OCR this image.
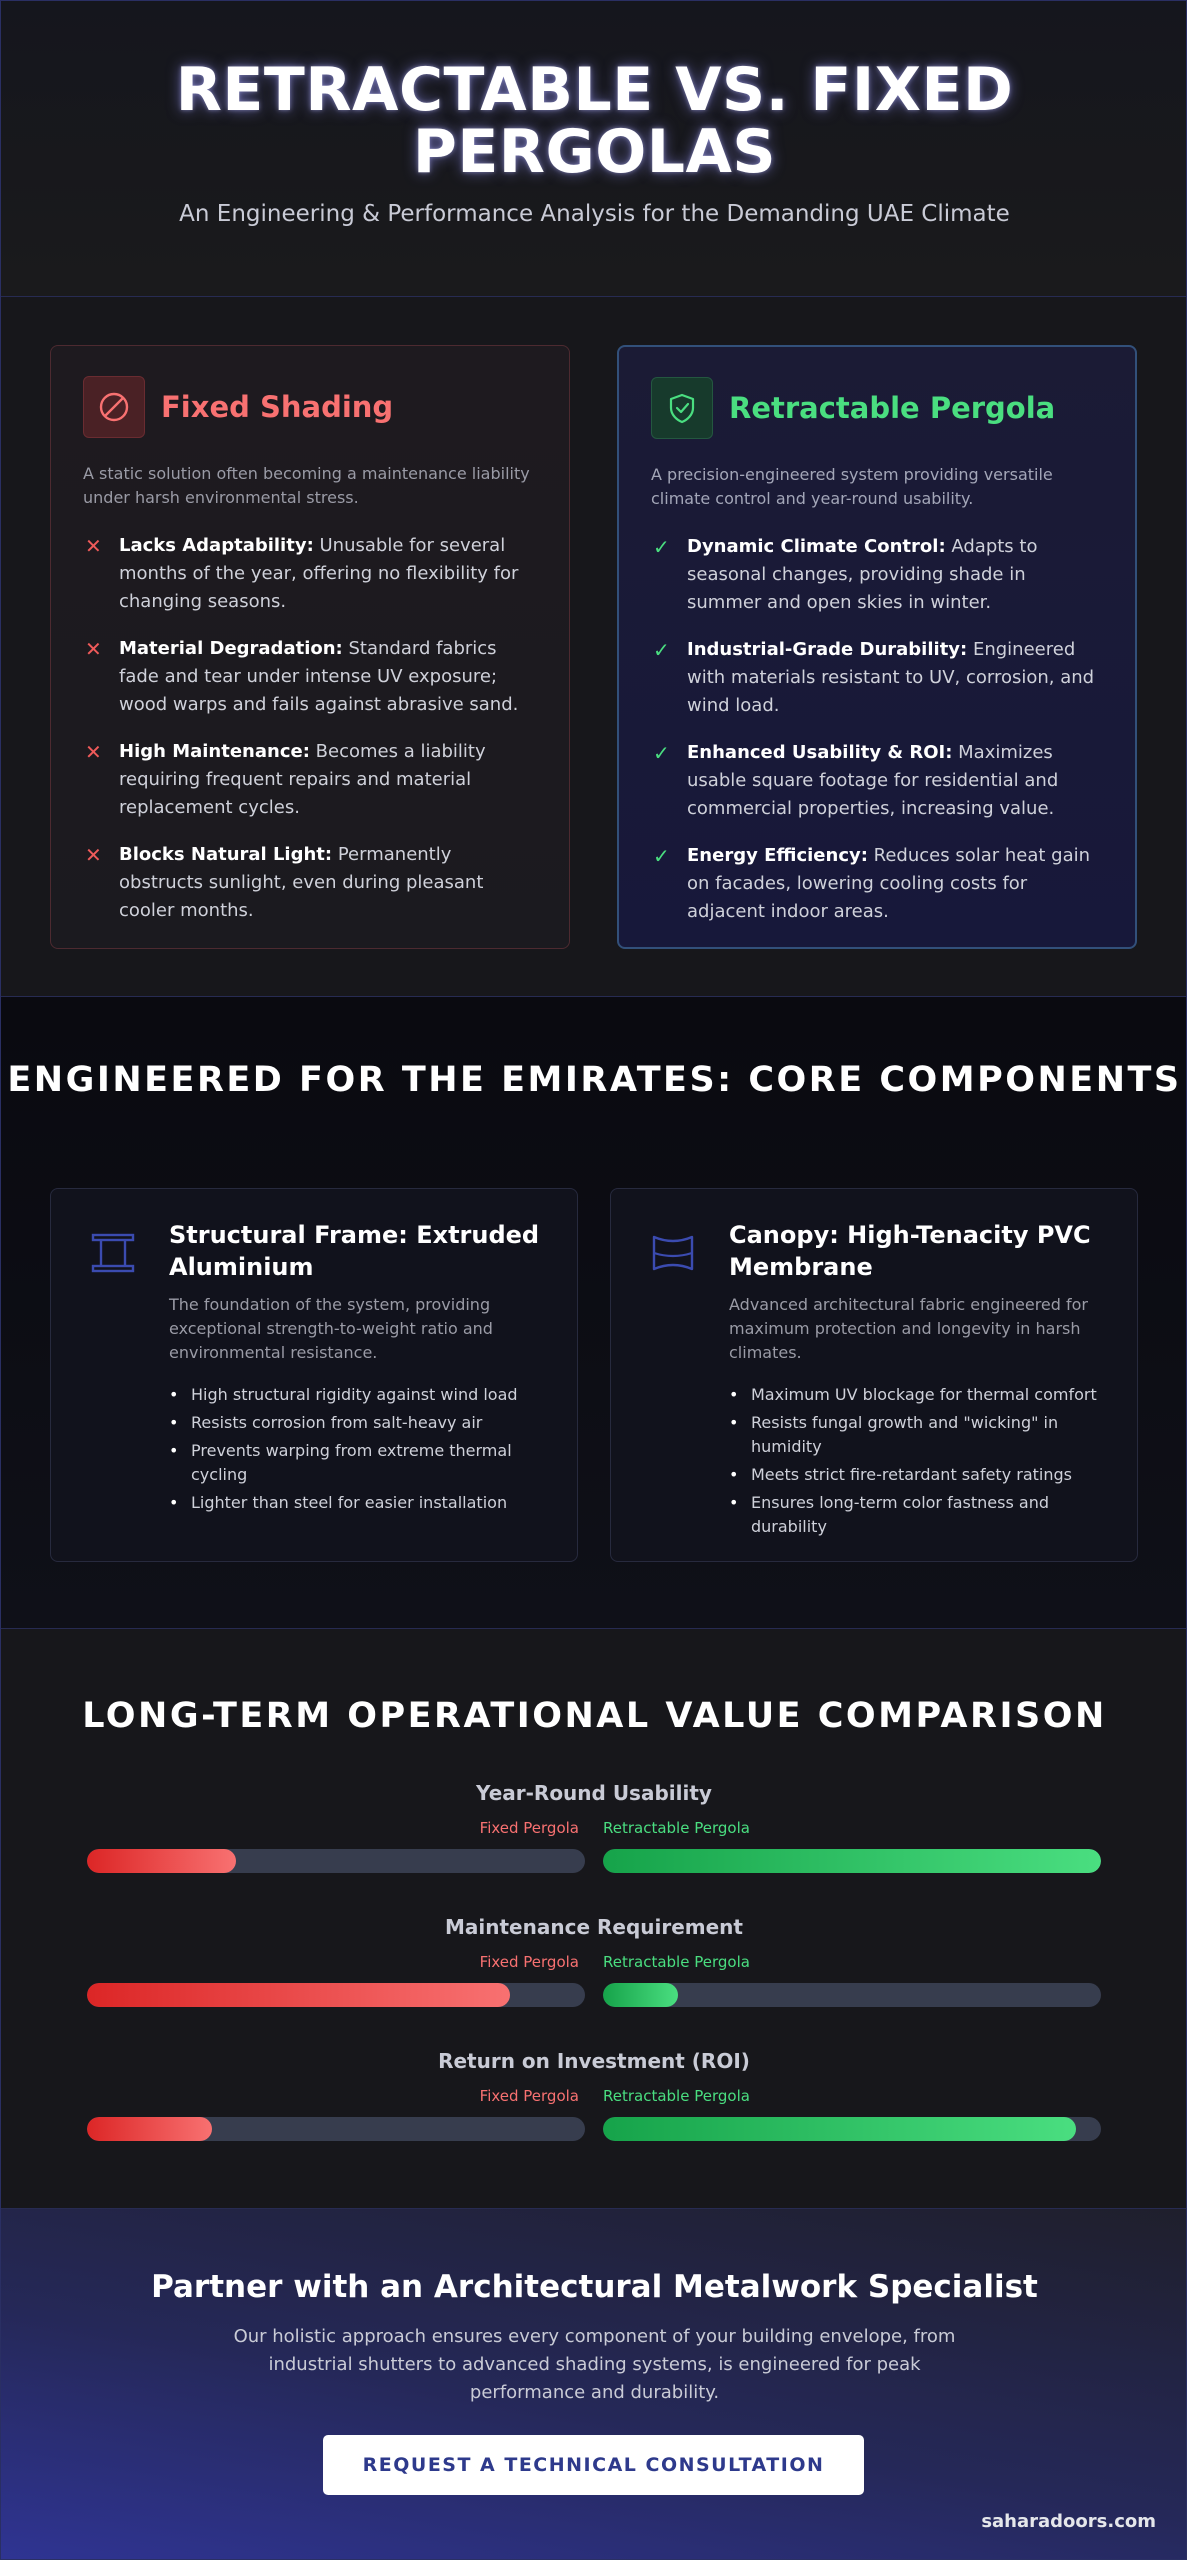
RETRACTABLE VS. FIXED PERGOLAS

An Engineering & Performance Analysis for the Demanding UAE Climate

Fixed Shading
A static solution often becoming a maintenance liability under harsh environmental stress.
✕ Lacks Adaptability: Unusable for several months of the year, offering no flexibility for changing seasons.
✕ Material Degradation: Standard fabrics fade and tear under intense UV exposure; wood warps and fails against abrasive sand.
✕ High Maintenance: Becomes a liability requiring frequent repairs and material replacement cycles.
✕ Blocks Natural Light: Permanently obstructs sunlight, even during pleasant cooler months.
Retractable Pergola
A precision-engineered system providing versatile climate control and year-round usability.
✓ Dynamic Climate Control: Adapts to seasonal changes, providing shade in summer and open skies in winter.
✓ Industrial-Grade Durability: Engineered with materials resistant to UV, corrosion, and wind load.
✓ Enhanced Usability & ROI: Maximizes usable square footage for residential and commercial properties, increasing value.
✓ Energy Efficiency: Reduces solar heat gain on facades, lowering cooling costs for adjacent indoor areas.
ENGINEERED FOR THE EMIRATES: CORE COMPONENTS
Structural Frame: Extruded Aluminium
The foundation of the system, providing exceptional strength-to-weight ratio and environmental resistance.
• High structural rigidity against wind load
• Resists corrosion from salt-heavy air
• Prevents warping from extreme thermal cycling
• Lighter than steel for easier installation
Canopy: High-Tenacity PVC Membrane
Advanced architectural fabric engineered for maximum protection and longevity in harsh climates.
• Maximum UV blockage for thermal comfort
• Resists fungal growth and "wicking" in humidity
• Meets strict fire-retardant safety ratings
• Ensures long-term color fastness and durability
LONG-TERM OPERATIONAL VALUE COMPARISON
Year-Round Usability
Fixed Pergola Retractable Pergola
Maintenance Requirement
Fixed Pergola Retractable Pergola
Return on Investment (ROI)
Fixed Pergola Retractable Pergola
Partner with an Architectural Metalwork Specialist

Our holistic approach ensures every component of your building envelope, from industrial shutters to advanced shading systems, is engineered for peak performance and durability.

REQUEST A TECHNICAL CONSULTATION
saharadoors.com
